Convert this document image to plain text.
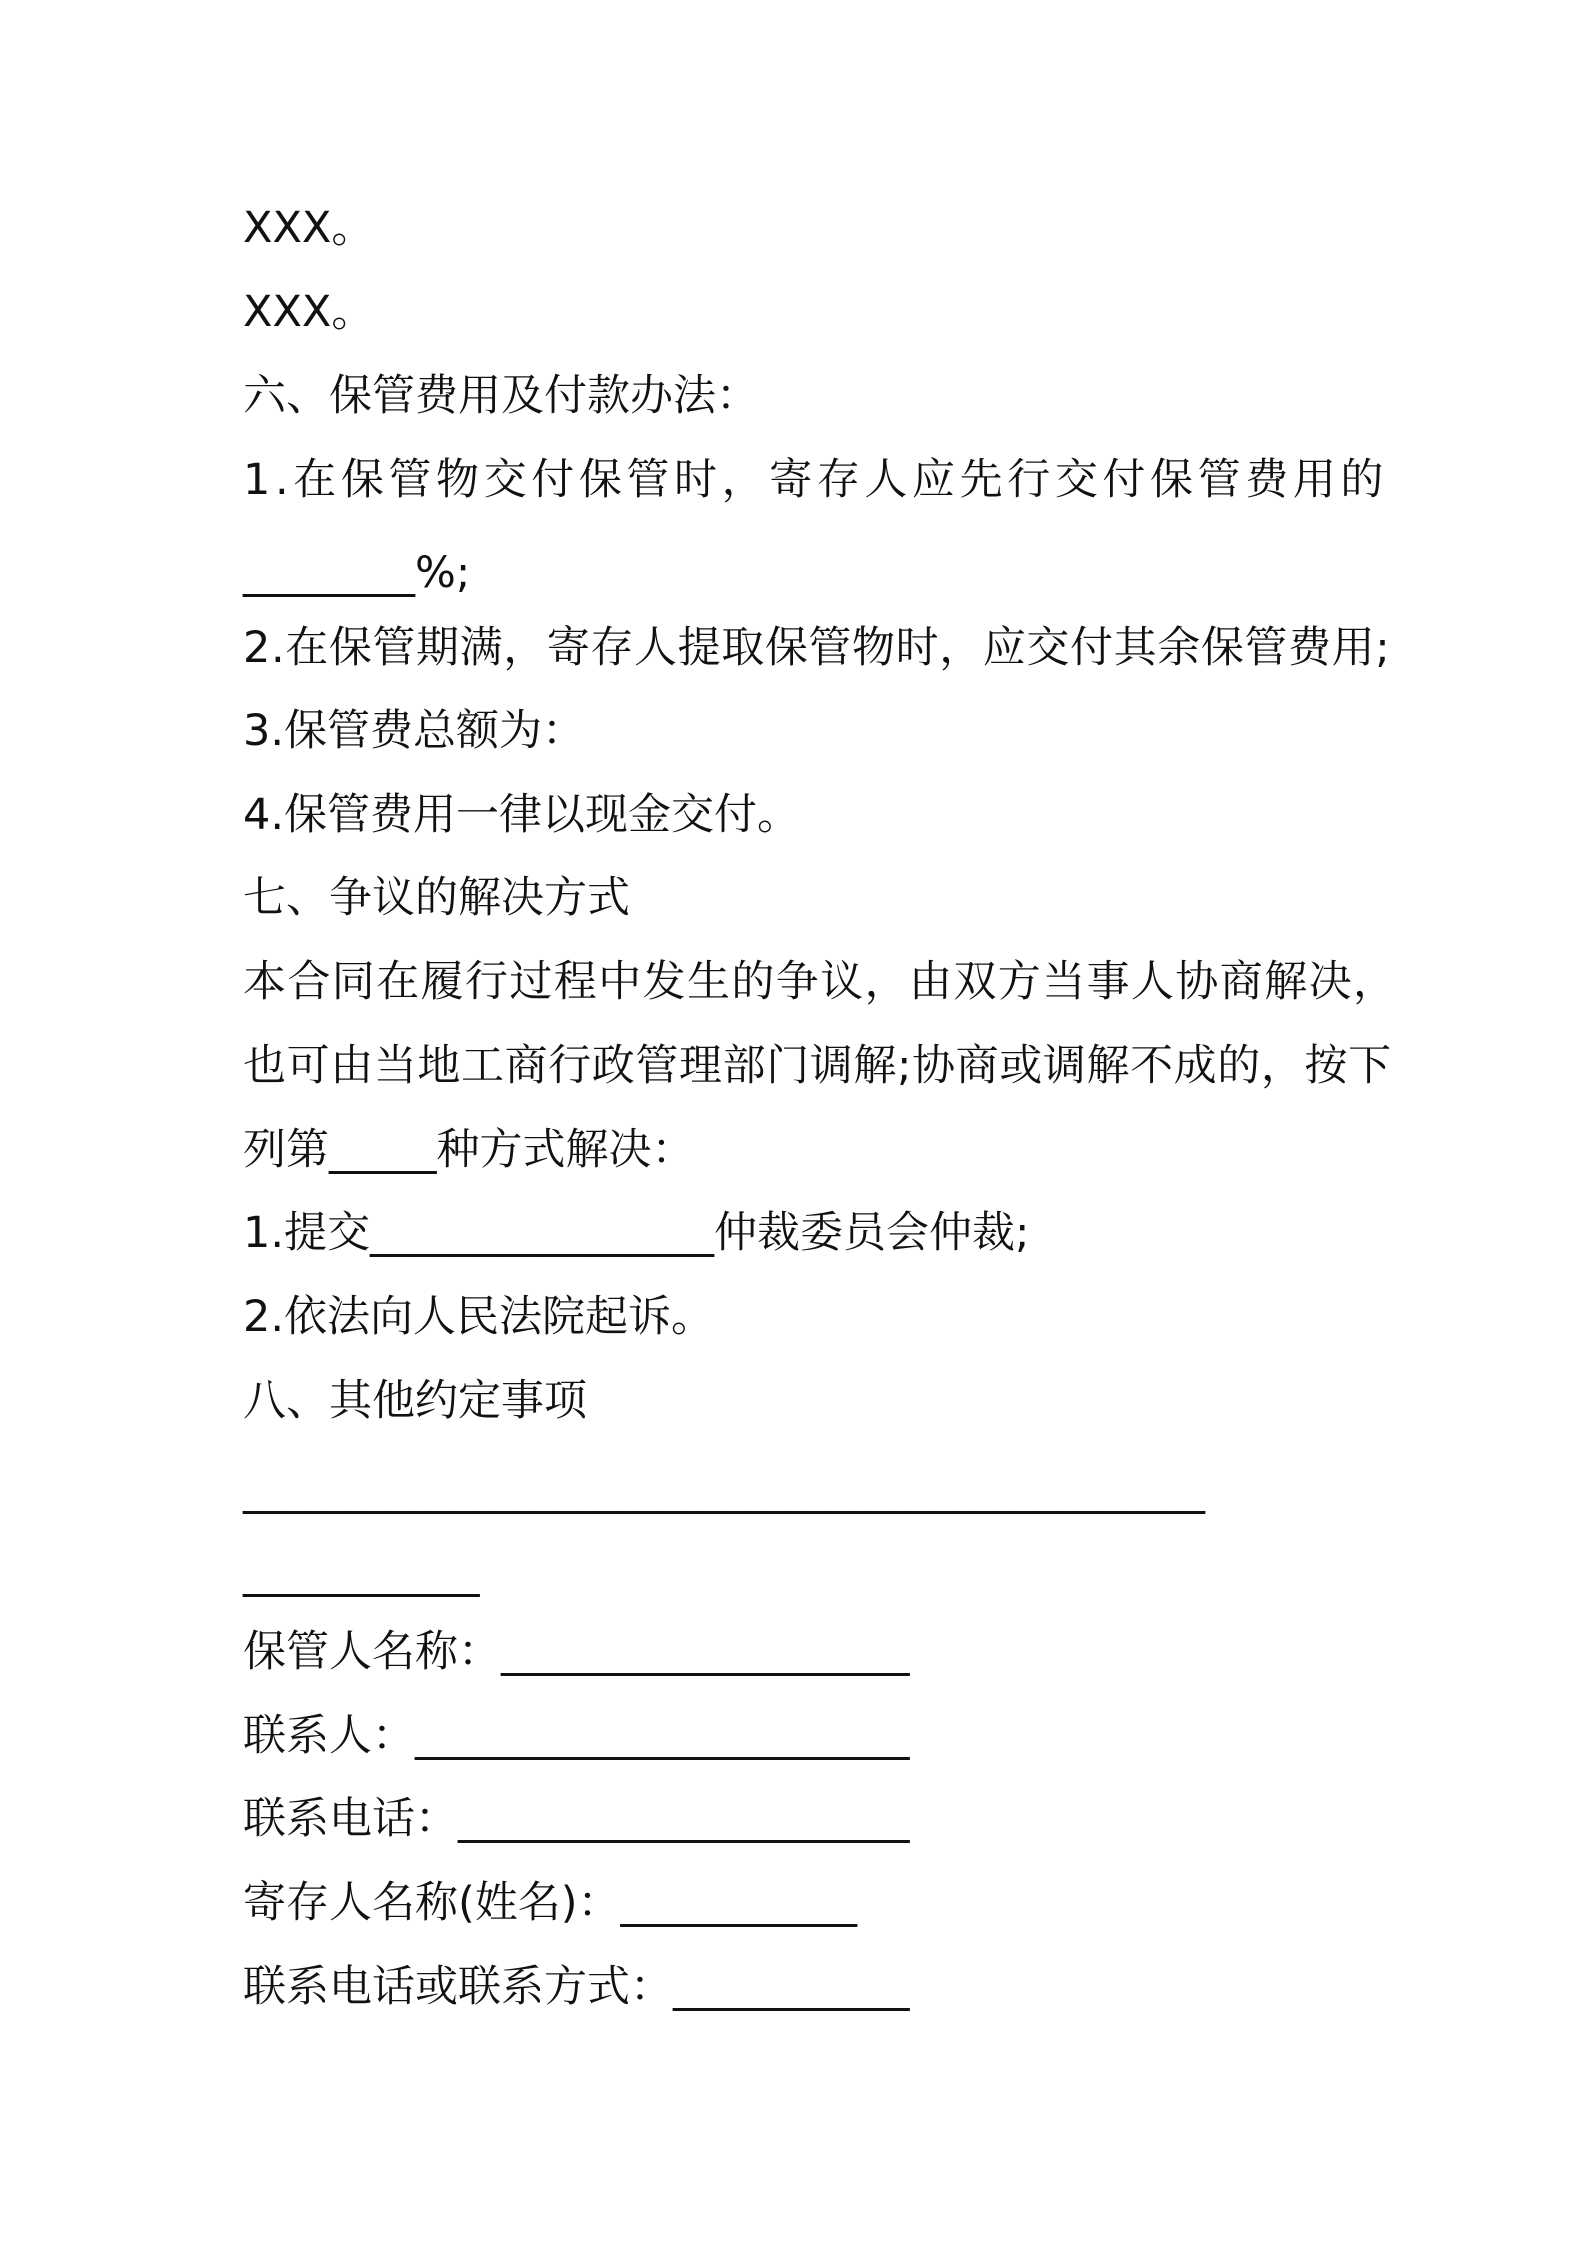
XXX。
XXX。
六、保管费用及付款办法：
1.在保管物交付保管时，寄存人应先行交付保管费用的
________%;
2.在保管期满，寄存人提取保管物时，应交付其余保管费用;
3.保管费总额为：
4.保管费用一律以现金交付。
七、争议的解决方式
本合同在履行过程中发生的争议，由双方当事人协商解决，
也可由当地工商行政管理部门调解;协商或调解不成的，按下
列第_____种方式解决：
1.提交________________仲裁委员会仲裁;
2.依法向人民法院起诉。
八、其他约定事项
______________________________________________
___________
保管人名称：___________________
联系人：_______________________
联系电话：_____________________
寄存人名称(姓名)：___________
联系电话或联系方式：___________
